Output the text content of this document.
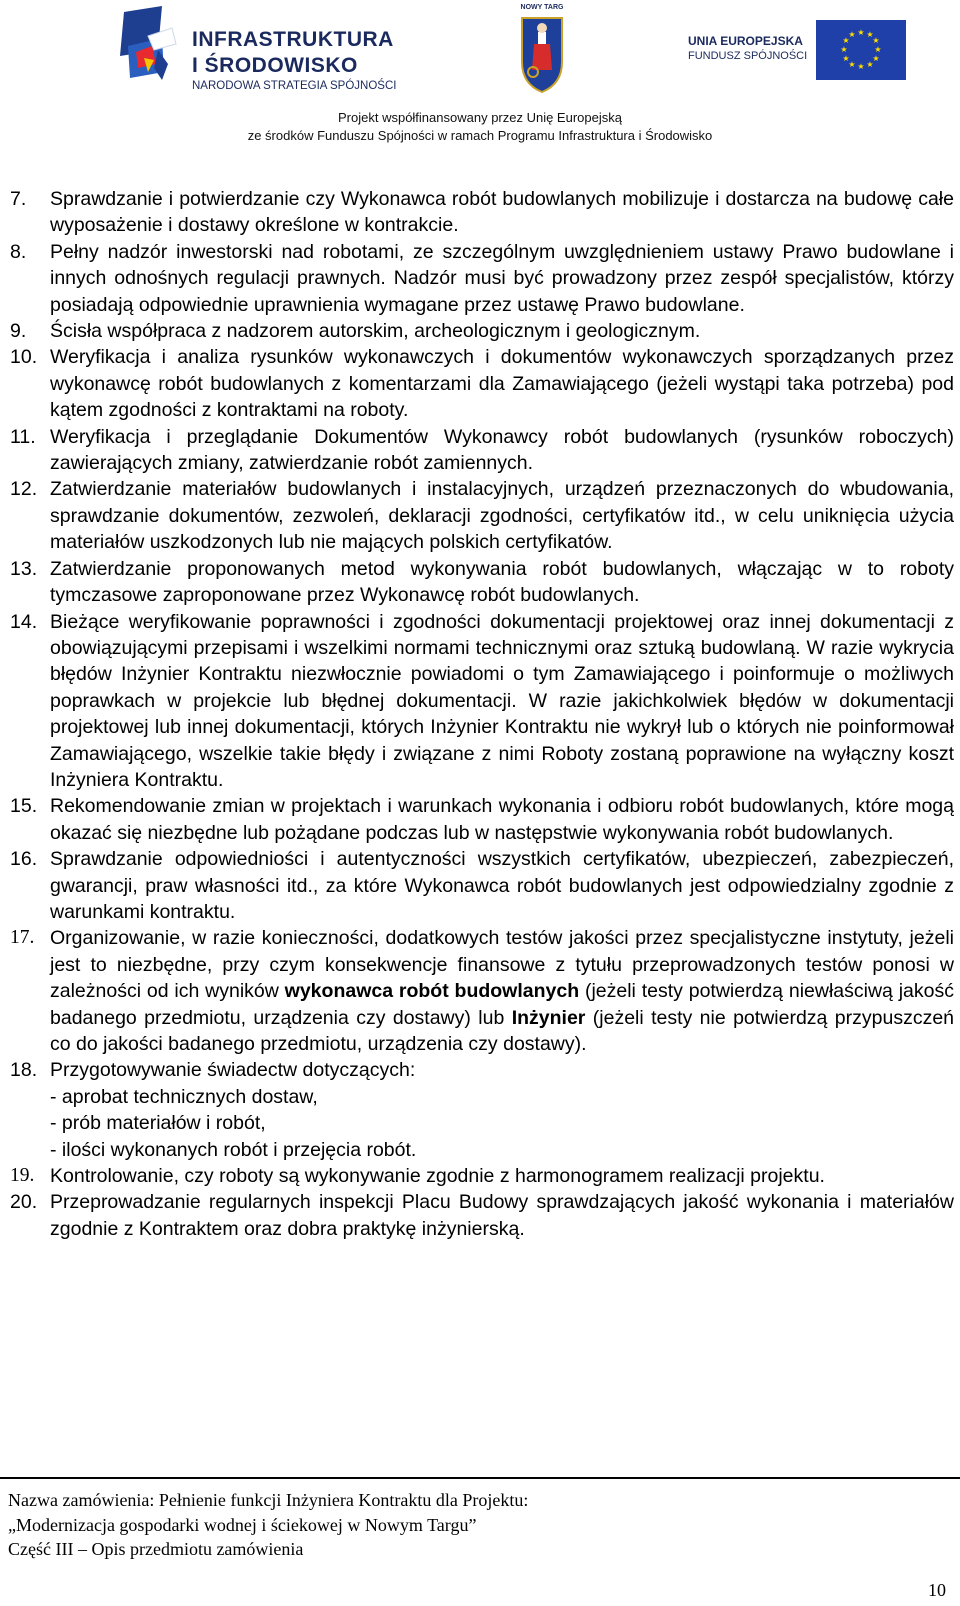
INFRASTRUKTURA
I ŚRODOWISKO
NARODOWA STRATEGIA SPÓJNOŚCI
NOWY TARG
UNIA EUROPEJSKA
FUNDUSZ SPÓJNOŚCI
★ ★
★
★
★
★
★
★
★
★
★
★
Projekt współfinansowany przez Unię Europejską
ze środków Funduszu Spójności w ramach Programu Infrastruktura i Środowisko
7.	Sprawdzanie i potwierdzanie czy Wykonawca robót budowlanych mobilizuje i dostarcza na budowę całe wyposażenie i dostawy określone w kontrakcie.
8.	Pełny nadzór inwestorski nad robotami, ze szczególnym uwzględnieniem ustawy Prawo budowlane i innych odnośnych regulacji prawnych. Nadzór musi być prowadzony przez zespół specjalistów, którzy posiadają odpowiednie uprawnienia wymagane przez ustawę Prawo budowlane.
9.	Ścisła współpraca z nadzorem autorskim, archeologicznym i geologicznym.
10. Weryfikacja i analiza rysunków wykonawczych i dokumentów wykonawczych sporządzanych przez wykonawcę robót budowlanych z komentarzami dla Zamawiającego (jeżeli wystąpi taka potrzeba) pod kątem zgodności z kontraktami na roboty.
11. Weryfikacja i przeglądanie Dokumentów Wykonawcy robót budowlanych (rysunków roboczych) zawierających zmiany, zatwierdzanie robót zamiennych.
12. Zatwierdzanie materiałów budowlanych i instalacyjnych, urządzeń przeznaczonych do wbudowania, sprawdzanie dokumentów, zezwoleń, deklaracji zgodności, certyfikatów itd., w celu uniknięcia użycia materiałów uszkodzonych lub nie mających polskich certyfikatów.
13. Zatwierdzanie proponowanych metod wykonywania robót budowlanych, włączając w to roboty tymczasowe zaproponowane przez Wykonawcę robót budowlanych.
14. Bieżące weryfikowanie poprawności i zgodności dokumentacji projektowej oraz innej dokumentacji z obowiązującymi przepisami i wszelkimi normami technicznymi oraz sztuką budowlaną. W razie wykrycia błędów Inżynier Kontraktu niezwłocznie powiadomi o tym Zamawiającego i poinformuje o możliwych poprawkach w projekcie lub błędnej dokumentacji. W razie jakichkolwiek błędów w dokumentacji projektowej lub innej dokumentacji, których Inżynier Kontraktu nie wykrył lub o których nie poinformował Zamawiającego, wszelkie takie błędy i związane z nimi Roboty zostaną poprawione na wyłączny koszt Inżyniera Kontraktu.
15. Rekomendowanie zmian w projektach i warunkach wykonania i odbioru robót budowlanych, które mogą okazać się niezbędne lub pożądane podczas lub w następstwie wykonywania robót budowlanych.
16. Sprawdzanie odpowiedniości i autentyczności wszystkich certyfikatów, ubezpieczeń, zabezpieczeń, gwarancji, praw własności itd., za które Wykonawca robót budowlanych jest odpowiedzialny zgodnie z warunkami kontraktu.
17. Organizowanie, w razie konieczności, dodatkowych testów jakości przez specjalistyczne instytuty, jeżeli jest to niezbędne, przy czym konsekwencje finansowe z tytułu przeprowadzonych testów ponosi w zależności od ich wyników wykonawca robót budowlanych (jeżeli testy potwierdzą niewłaściwą jakość badanego przedmiotu, urządzenia czy dostawy) lub Inżynier (jeżeli testy nie potwierdzą przypuszczeń co do jakości badanego przedmiotu, urządzenia czy dostawy).
18. Przygotowywanie świadectw dotyczących:
- aprobat technicznych dostaw,
- prób materiałów i robót,
- ilości wykonanych robót i przejęcia robót.
19. Kontrolowanie, czy roboty są wykonywanie zgodnie z harmonogramem realizacji projektu.
20. Przeprowadzanie regularnych inspekcji Placu Budowy sprawdzających jakość wykonania i materiałów zgodnie z Kontraktem oraz dobra praktykę inżynierską.
Nazwa zamówienia: Pełnienie funkcji Inżyniera Kontraktu dla Projektu:
„Modernizacja gospodarki wodnej i ściekowej w Nowym Targu”
Część III – Opis przedmiotu zamówienia
10
